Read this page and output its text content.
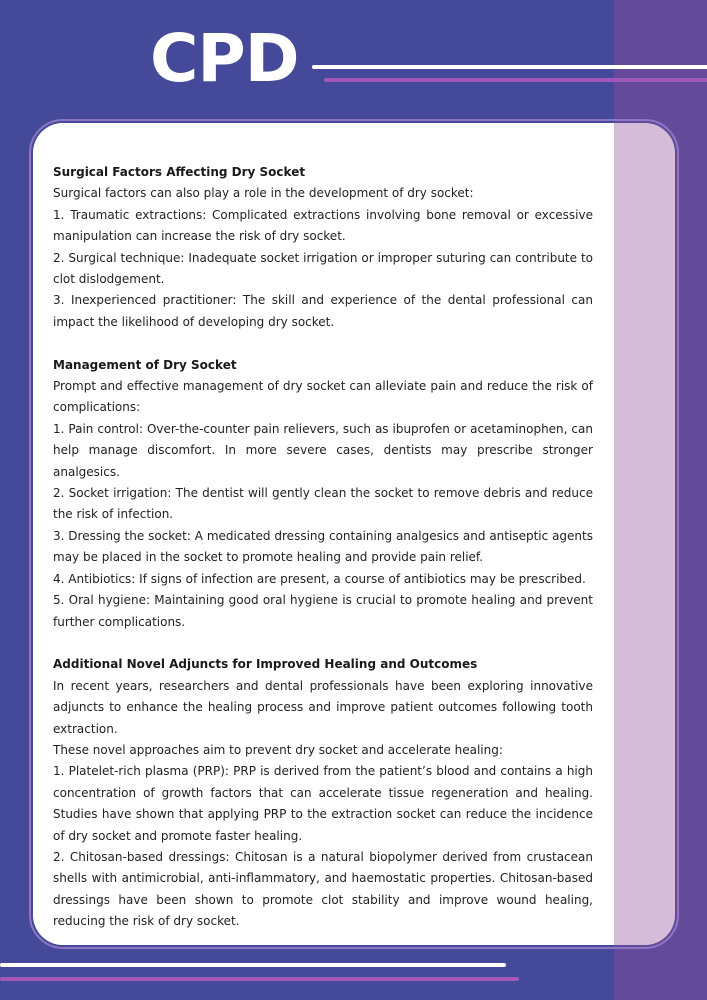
CPD

Surgical Factors Affecting Dry Socket

Surgical factors can also play a role in the development of dry socket:

1. Traumatic extractions: Complicated extractions involving bone removal or excessive manipulation can increase the risk of dry socket.

2. Surgical technique: Inadequate socket irrigation or improper suturing can contribute to clot dislodgement.

3. Inexperienced practitioner: The skill and experience of the dental professional can impact the likelihood of developing dry socket.

Management of Dry Socket

Prompt and effective management of dry socket can alleviate pain and reduce the risk of complications:

1. Pain control: Over-the-counter pain relievers, such as ibuprofen or acetaminophen, can help manage discomfort. In more severe cases, dentists may prescribe stronger analgesics.

2. Socket irrigation: The dentist will gently clean the socket to remove debris and reduce the risk of infection.

3. Dressing the socket: A medicated dressing containing analgesics and antiseptic agents may be placed in the socket to promote healing and provide pain relief.

4. Antibiotics: If signs of infection are present, a course of antibiotics may be prescribed.

5. Oral hygiene: Maintaining good oral hygiene is crucial to promote healing and prevent further complications.

Additional Novel Adjuncts for Improved Healing and Outcomes

In recent years, researchers and dental professionals have been exploring innovative adjuncts to enhance the healing process and improve patient outcomes following tooth extraction.

These novel approaches aim to prevent dry socket and accelerate healing:

1. Platelet-rich plasma (PRP): PRP is derived from the patient’s blood and contains a high concentration of growth factors that can accelerate tissue regeneration and healing. Studies have shown that applying PRP to the extraction socket can reduce the incidence of dry socket and promote faster healing.

2. Chitosan-based dressings: Chitosan is a natural biopolymer derived from crustacean shells with antimicrobial, anti-inflammatory, and haemostatic properties. Chitosan-based dressings have been shown to promote clot stability and improve wound healing, reducing the risk of dry socket.
